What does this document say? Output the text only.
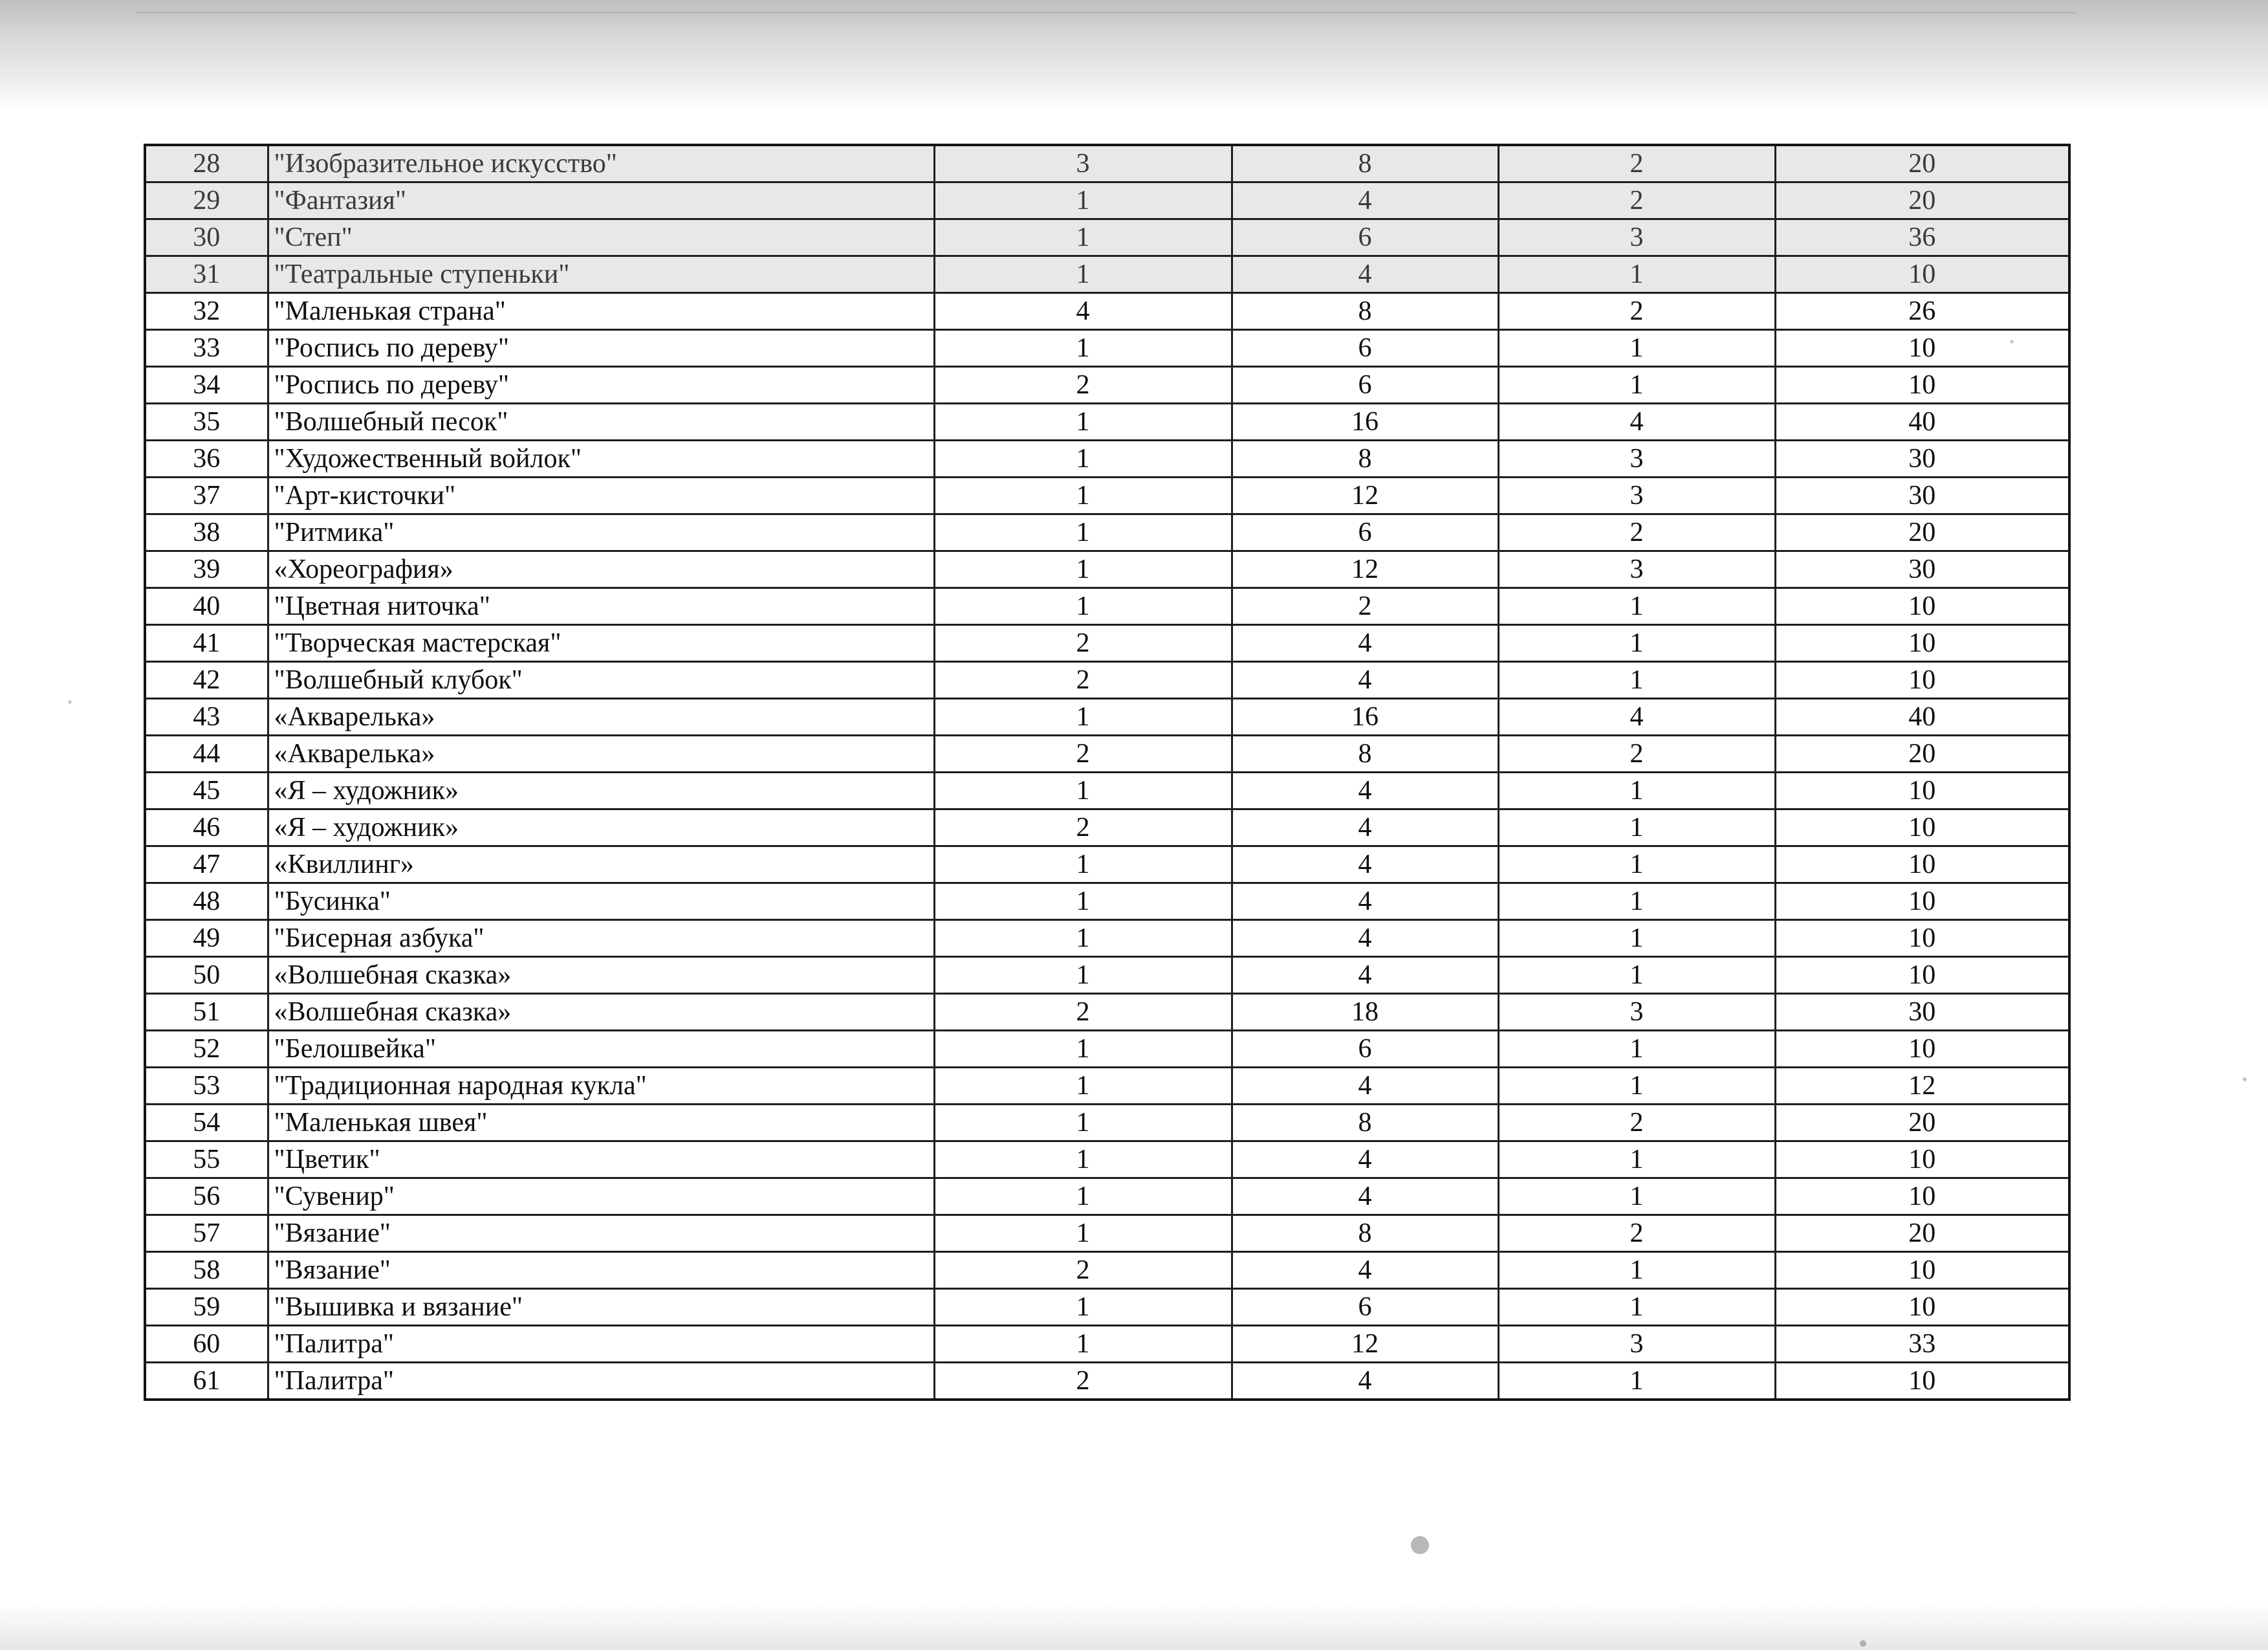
28	"Изобразительное искусство"	3	8	2	20
29	"Фантазия"	1	4	2	20
30	"Степ"	1	6	3	36
31	"Театральные ступеньки"	1	4	1	10
32	"Маленькая страна"	4	8	2	26
33	"Роспись по дереву"	1	6	1	10
34	"Роспись по дереву"	2	6	1	10
35	"Волшебный песок"	1	16	4	40
36	"Художественный войлок"	1	8	3	30
37	"Арт-кисточки"	1	12	3	30
38	"Ритмика"	1	6	2	20
39	«Хореография»	1	12	3	30
40	"Цветная ниточка"	1	2	1	10
41	"Творческая мастерская"	2	4	1	10
42	"Волшебный клубок"	2	4	1	10
43	«Акварелька»	1	16	4	40
44	«Акварелька»	2	8	2	20
45	«Я – художник»	1	4	1	10
46	«Я – художник»	2	4	1	10
47	«Квиллинг»	1	4	1	10
48	"Бусинка"	1	4	1	10
49	"Бисерная азбука"	1	4	1	10
50	«Волшебная сказка»	1	4	1	10
51	«Волшебная сказка»	2	18	3	30
52	"Белошвейка"	1	6	1	10
53	"Традиционная народная кукла"	1	4	1	12
54	"Маленькая швея"	1	8	2	20
55	"Цветик"	1	4	1	10
56	"Сувенир"	1	4	1	10
57	"Вязание"	1	8	2	20
58	"Вязание"	2	4	1	10
59	"Вышивка и вязание"	1	6	1	10
60	"Палитра"	1	12	3	33
61	"Палитра"	2	4	1	10
